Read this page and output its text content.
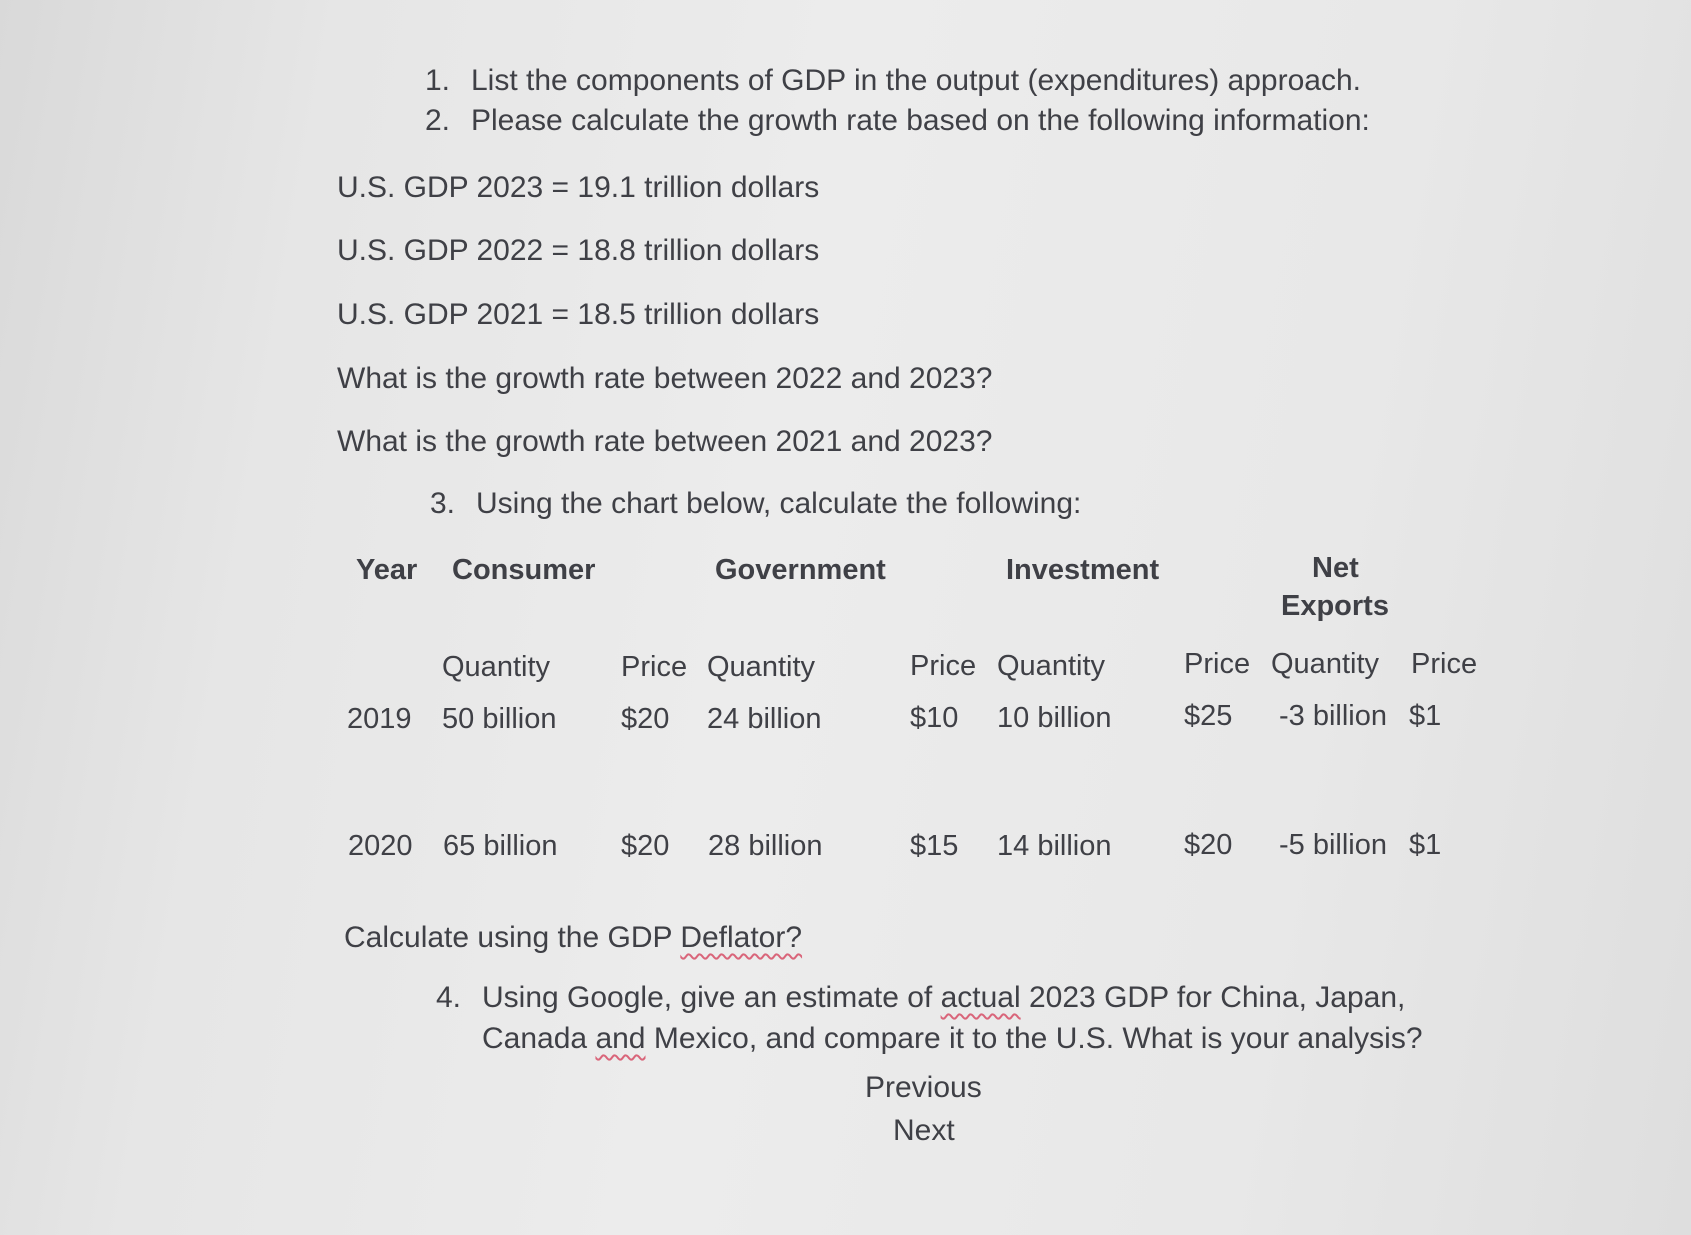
1. List the components of GDP in the output (expenditures) approach.
2. Please calculate the growth rate based on the following information:
U.S. GDP 2023 = 19.1 trillion dollars
U.S. GDP 2022 = 18.8 trillion dollars
U.S. GDP 2021 = 18.5 trillion dollars
What is the growth rate between 2022 and 2023?
What is the growth rate between 2021 and 2023?
3. Using the chart below, calculate the following:
Year Consumer	Government	Investment	Net
Exports
Quantity Price Quantity	Price Quantity	Price Quantity Price
2019 50 billion $20 24 billion	$10 10 billion	$25 -3 billion $1
2020 65 billion $20 28 billion	$15 14 billion	$20 -5 billion $1
Calculate using the GDP Deflator?
4. Using Google, give an estimate of actual 2023 GDP for China, Japan,
Canada and Mexico, and compare it to the U.S. What is your analysis?
Previous
Next
